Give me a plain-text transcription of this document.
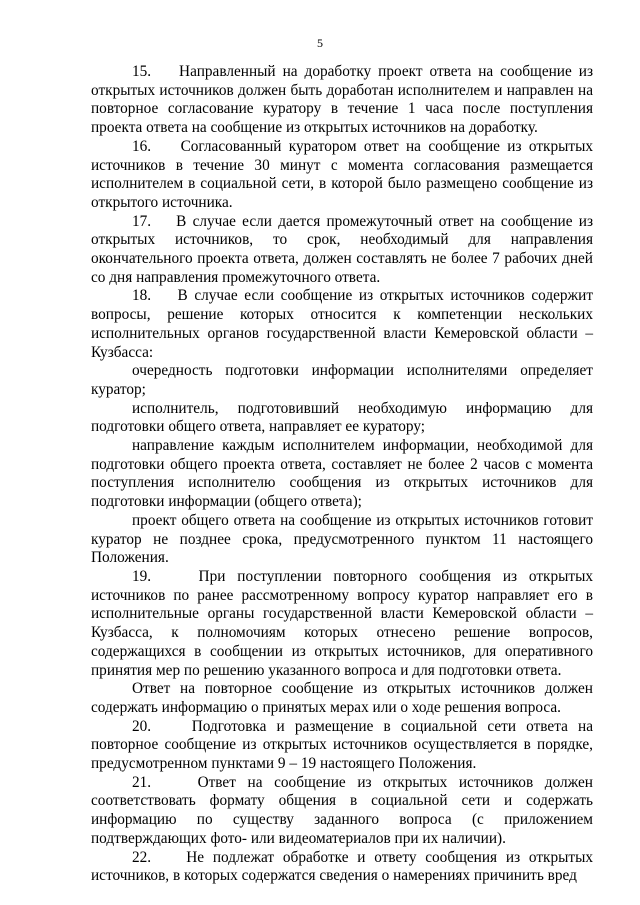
5

15.    Направленный на доработку проект ответа на сообщение из открытых источников должен быть доработан исполнителем и направлен на повторное согласование куратору в течение 1 часа после поступления проекта ответа на сообщение из открытых источников на доработку.

16.    Согласованный куратором ответ на сообщение из открытых источников в течение 30 минут с момента согласования размещается исполнителем в социальной сети, в которой было размещено сообщение из открытого источника.

17.    В случае если дается промежуточный ответ на сообщение из открытых источников, то срок, необходимый для направления окончательного проекта ответа, должен составлять не более 7 рабочих дней со дня направления промежуточного ответа.

18.    В случае если сообщение из открытых источников содержит вопросы, решение которых относится к компетенции нескольких исполнительных органов государственной власти Кемеровской области – Кузбасса:

очередность подготовки информации исполнителями определяет куратор;

исполнитель, подготовивший необходимую информацию для подготовки общего ответа, направляет ее куратору;

направление каждым исполнителем информации, необходимой для подготовки общего проекта ответа, составляет не более 2 часов с момента поступления исполнителю сообщения из открытых источников для подготовки информации (общего ответа);

проект общего ответа на сообщение из открытых источников готовит куратор не позднее срока, предусмотренного пунктом 11 настоящего Положения.

19.    При поступлении повторного сообщения из открытых источников по ранее рассмотренному вопросу куратор направляет его в исполнительные органы государственной власти Кемеровской области – Кузбасса, к полномочиям которых отнесено решение вопросов, содержащихся в сообщении из открытых источников, для оперативного принятия мер по решению указанного вопроса и для подготовки ответа.

Ответ на повторное сообщение из открытых источников должен содержать информацию о принятых мерах или о ходе решения вопроса.

20.    Подготовка и размещение в социальной сети ответа на повторное сообщение из открытых источников осуществляется в порядке, предусмотренном пунктами 9 – 19 настоящего Положения.

21.    Ответ на сообщение из открытых источников должен соответствовать формату общения в социальной сети и содержать информацию по существу заданного вопроса (с приложением подтверждающих фото- или видеоматериалов при их наличии).

22.    Не подлежат обработке и ответу сообщения из открытых источников, в которых содержатся сведения о намерениях причинить вред
